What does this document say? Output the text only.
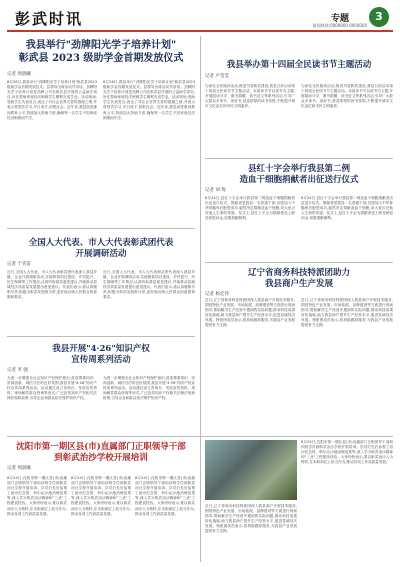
彭武时讯	专题
新闻热线:0000000 0000000
3
我县举行"劲牌阳光学子培养计划"
彰武县 2023 级助学金首期发放仪式
记者 周晨曦
8月26日,我县举行"劲牌阳光学子培养计划"彰武县2023级助学金首期发放仪式。县领导出席活动并讲话。劲牌阳光学子培养计划是劲牌公司在彰武县开展的公益助学项目,旨在帮助家庭经济困难学生顺利完成学业。活动现场,受助学生代表发言,表达了对社会各界关爱的感谢之情,并表示将刻苦学习,早日成才,回报社会。近年来,我县高度重视教育公平,持续加大资助力度,确保每一名学生不因家庭经济困难而失学。
8月26日,我县举行"劲牌阳光学子培养计划"彰武县2023级助学金首期发放仪式。县领导出席活动并讲话。劲牌阳光学子培养计划是劲牌公司在彰武县开展的公益助学项目,旨在帮助家庭经济困难学生顺利完成学业。活动现场,受助学生代表发言,表达了对社会各界关爱的感谢之情,并表示将刻苦学习,早日成才,回报社会。近年来,我县高度重视教育公平,持续加大资助力度,确保每一名学生不因家庭经济困难而失学。
全国人大代表、市人大代表彰武团代表
开展调研活动
记者 于笑雷
近日,全国人大代表、市人大代表彰武团代表深入我县乡镇、企业开展调研活动,实地察看项目建设、乡村振兴、民生保障等工作情况,认真听取基层意见建议,并就推动县域经济高质量发展提出意见建议。代表们表示,将认真履职尽责,积极为彰武发展鼓与呼,更好地反映人民群众的意愿和要求。
近日,全国人大代表、市人大代表彰武团代表深入我县乡镇、企业开展调研活动,实地察看项目建设、乡村振兴、民生保障等工作情况,认真听取基层意见建议,并就推动县域经济高质量发展提出意见建议。代表们表示,将认真履职尽责,积极为彰武发展鼓与呼,更好地反映人民群众的意愿和要求。
我县开展"4·26"知识产权
宣传周系列活动
记者 李 强
为进一步增强全社会知识产权保护意识,营造尊重知识、崇尚创新、诚信守法的良好氛围,我县开展"4·26"知识产权宣传周系列活动。活动通过设立咨询台、发放宣传资料、现场解答群众咨询等形式,广泛宣传知识产权相关法律法规和政策,引导企业和群众依法保护知识产权。
为进一步增强全社会知识产权保护意识,营造尊重知识、崇尚创新、诚信守法的良好氛围,我县开展"4·26"知识产权宣传周系列活动。活动通过设立咨询台、发放宣传资料、现场解答群众咨询等形式,广泛宣传知识产权相关法律法规和政策,引导企业和群众依法保护知识产权。
沈阳市第一期区县(市)直属部门正职领导干部
到彰武治沙学校开展培训
记者 周晨曦
8月24日,沈阳市第一期区县(市)直属部门正职领导干部培训班学员到彰武治沙学校开展培训。学员们先后参观了治沙纪念馆、科尔沁沙地治理成果等,深入学习彰武治沙精神和"三北"工程建设经验。大家纷纷表示,要以彰武治沙人为榜样,在本职岗位上担当作为,推动各项工作高质量发展。
8月24日,沈阳市第一期区县(市)直属部门正职领导干部培训班学员到彰武治沙学校开展培训。学员们先后参观了治沙纪念馆、科尔沁沙地治理成果等,深入学习彰武治沙精神和"三北"工程建设经验。大家纷纷表示,要以彰武治沙人为榜样,在本职岗位上担当作为,推动各项工作高质量发展。
8月24日,沈阳市第一期区县(市)直属部门正职领导干部培训班学员到彰武治沙学校开展培训。学员们先后参观了治沙纪念馆、科尔沁沙地治理成果等,深入学习彰武治沙精神和"三北"工程建设经验。大家纷纷表示,要以彰武治沙人为榜样,在本职岗位上担当作为,推动各项工作高质量发展。
我县举办第十四届全民读书节主题活动
记者 卢莹莹
为深化全民阅读活动,推进书香彰武建设,我县日前启动第十四届全民读书节主题活动。本届读书节以读书为主题,开展阅读分享、图书捐赠、读书征文等系列活动,引导广大群众多读书、读好书,营造浓厚的读书氛围,不断提升城市文化品位和市民文明素养。
为深化全民阅读活动,推进书香彰武建设,我县日前启动第十四届全民读书节主题活动。本届读书节以读书为主题,开展阅读分享、图书捐赠、读书征文等系列活动,引导广大群众多读书、读好书,营造浓厚的读书氛围,不断提升城市文化品位和市民文明素养。
县红十字会举行我县第二例
造血干细胞捐献者出征送行仪式
记者 刘 烁
8月24日,县红十字会举行我县第二例造血干细胞捐献者出征送行仪式。捐献者是我县一名普通干部,自愿加入中华骨髓库后配型成功,毅然决定捐献造血干细胞,用大爱点亮他人生命的希望。仪式上,县红十字会为捐献者送上鲜花和慰问金,祝愿捐献顺利。
8月24日,县红十字会举行我县第二例造血干细胞捐献者出征送行仪式。捐献者是我县一名普通干部,自愿加入中华骨髓库后配型成功,毅然决定捐献造血干细胞,用大爱点亮他人生命的希望。仪式上,县红十字会为捐献者送上鲜花和慰问金,祝愿捐献顺利。
辽宁省商务科技特派团助力
我县商户生产发展
记者 杨宏伟
近日,辽宁省商务科技特派团深入我县商户开展技术服务,围绕特色产业发展、市场拓展、品牌建设等方面进行现场指导,帮助解决生产经营中遇到的实际问题,推动科技成果转化落地,助力我县商户提升生产经营水平,促进县域经济发展。特派团成员表示,将持续跟踪服务,为我县产业发展提供有力支撑。
近日,辽宁省商务科技特派团深入我县商户开展技术服务,围绕特色产业发展、市场拓展、品牌建设等方面进行现场指导,帮助解决生产经营中遇到的实际问题,推动科技成果转化落地,助力我县商户提升生产经营水平,促进县域经济发展。特派团成员表示,将持续跟踪服务,为我县产业发展提供有力支撑。
8月24日,沈阳市第一期区县(市)直属部门正职领导干部培训班学员到彰武治沙学校开展培训。学员们先后参观了治沙纪念馆、科尔沁沙地治理成果等,深入学习彰武治沙精神和"三北"工程建设经验。大家纷纷表示,要以彰武治沙人为榜样,在本职岗位上担当作为,推动各项工作高质量发展。
近日,辽宁省商务科技特派团深入我县商户开展技术服务,围绕特色产业发展、市场拓展、品牌建设等方面进行现场指导,帮助解决生产经营中遇到的实际问题,推动科技成果转化落地,助力我县商户提升生产经营水平,促进县域经济发展。特派团成员表示,将持续跟踪服务,为我县产业发展提供有力支撑。
